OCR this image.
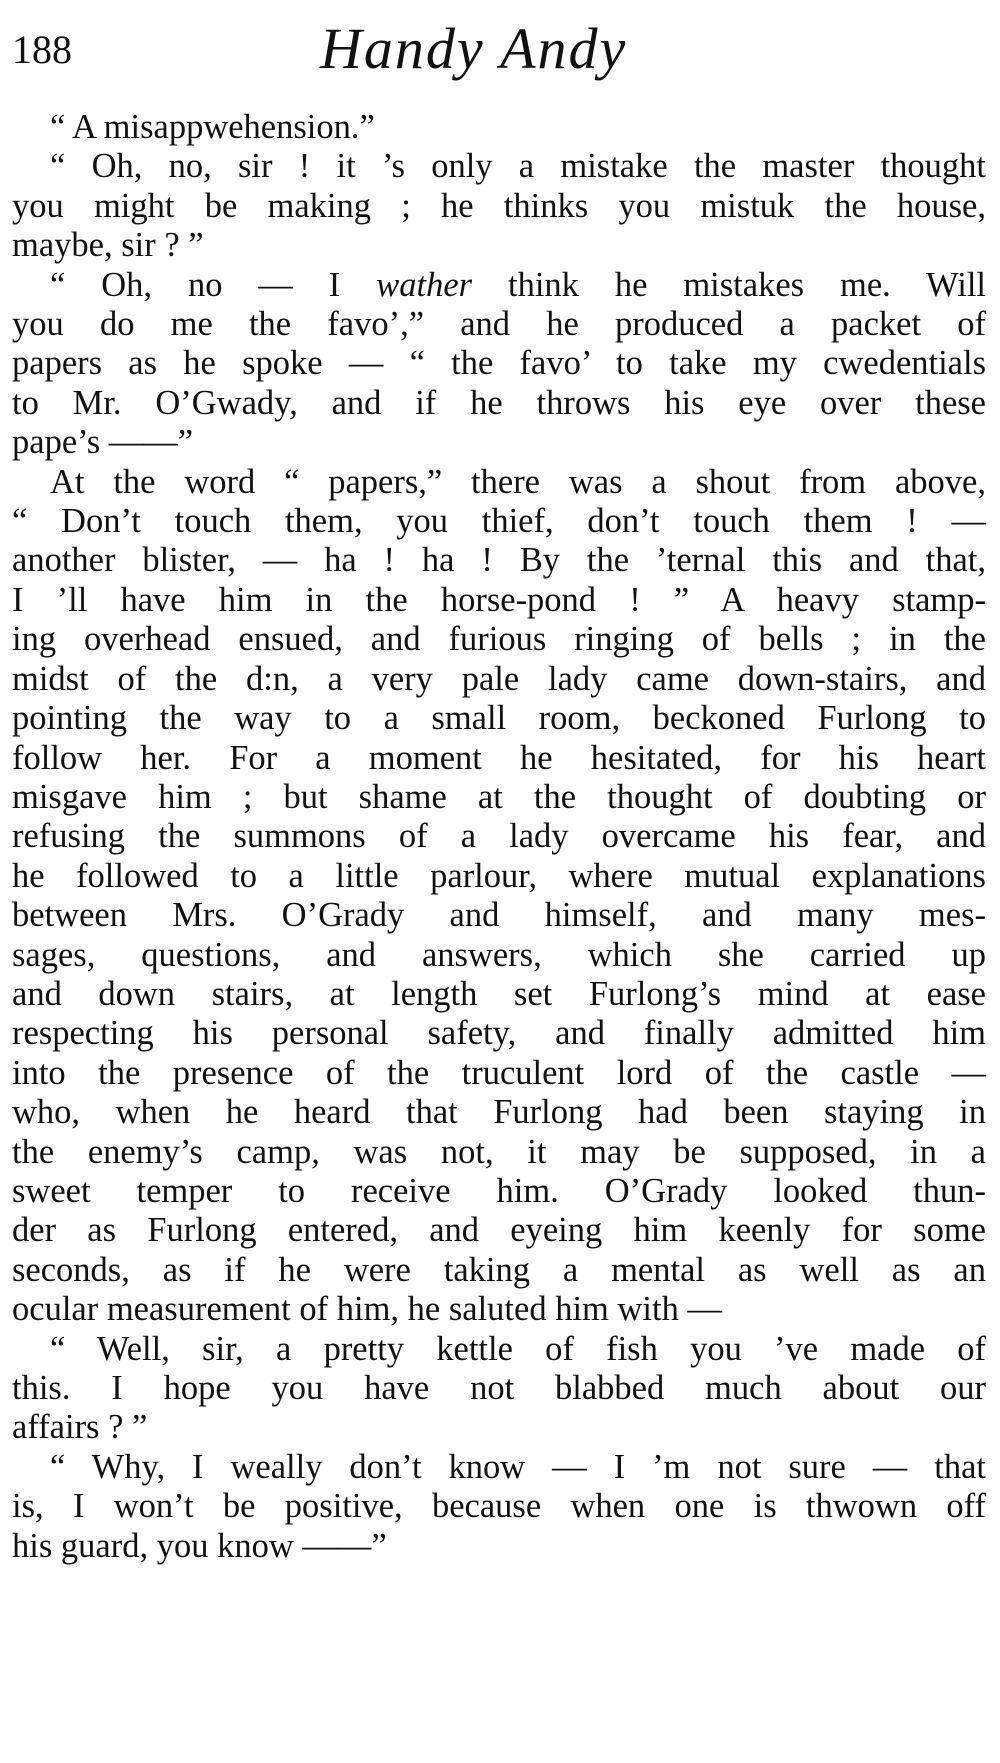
188	Handy Andy
“ A misappwehension.”
“ Oh, no, sir ! it ’s only a mistake the master thought
you might be making ; he thinks you mistuk the house,
maybe, sir ? ”
“ Oh, no — I wather think he mistakes me. Will
you do me the favo’,” and he produced a packet of
papers as he spoke — “ the favo’ to take my cwedentials
to Mr. O’Gwady, and if he throws his eye over these
pape’s ——”
At the word “ papers,” there was a shout from above,
“ Don’t touch them, you thief, don’t touch them ! —
another blister, — ha ! ha ! By the ’ternal this and that,
I ’ll have him in the horse-pond ! ” A heavy stamp-
ing overhead ensued, and furious ringing of bells ; in the
midst of the d:n, a very pale lady came down-stairs, and
pointing the way to a small room, beckoned Furlong to
follow her. For a moment he hesitated, for his heart
misgave him ; but shame at the thought of doubting or
refusing the summons of a lady overcame his fear, and
he followed to a little parlour, where mutual explanations
between Mrs. O’Grady and himself, and many mes-
sages, questions, and answers, which she carried up
and down stairs, at length set Furlong’s mind at ease
respecting his personal safety, and finally admitted him
into the presence of the truculent lord of the castle —
who, when he heard that Furlong had been staying in
the enemy’s camp, was not, it may be supposed, in a
sweet temper to receive him. O’Grady looked thun-
der as Furlong entered, and eyeing him keenly for some
seconds, as if he were taking a mental as well as an
ocular measurement of him, he saluted him with —
“ Well, sir, a pretty kettle of fish you ’ve made of
this. I hope you have not blabbed much about our
affairs ? ”
“ Why, I weally don’t know — I ’m not sure — that
is, I won’t be positive, because when one is thwown off
his guard, you know ——”
